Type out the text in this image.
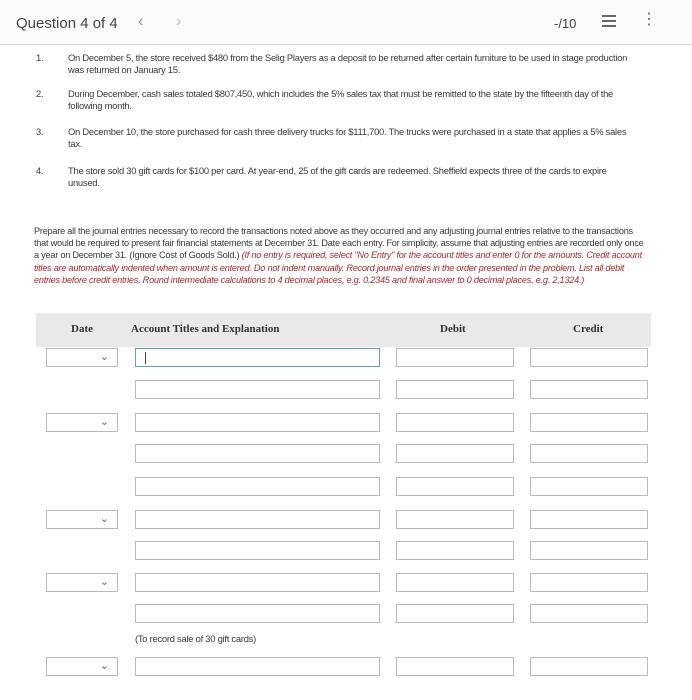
Question 4 of 4 ‹ ›	-/10	⋮
1.	On December 5, the store received $480 from the Selig Players as a deposit to be returned after certain furniture to be used in stage production was returned on January 15.
2.	During December, cash sales totaled $807,450, which includes the 5% sales tax that must be remitted to the state by the fifteenth day of the following month.
3.	On December 10, the store purchased for cash three delivery trucks for $111,700. The trucks were purchased in a state that applies a 5% sales tax.
4.	The store sold 30 gift cards for $100 per card. At year-end, 25 of the gift cards are redeemed. Sheffield expects three of the cards to expire unused.
Prepare all the journal entries necessary to record the transactions noted above as they occurred and any adjusting journal entries relative to the transactions that would be required to present fair financial statements at December 31. Date each entry. For simplicity, assume that adjusting entries are recorded only once a year on December 31. (Ignore Cost of Goods Sold.) (If no entry is required, select "No Entry" for the account titles and enter 0 for the amounts. Credit account titles are automatically indented when amount is entered. Do not indent manually. Record journal entries in the order presented in the problem. List all debit entries before credit entries. Round intermediate calculations to 4 decimal places, e.g. 0.2345 and final answer to 0 decimal places, e.g. 2,1324.)
Date	Account Titles and Explanation	Debit	Credit
⌄
⌄
⌄
⌄
(To record sale of 30 gift cards)
⌄
